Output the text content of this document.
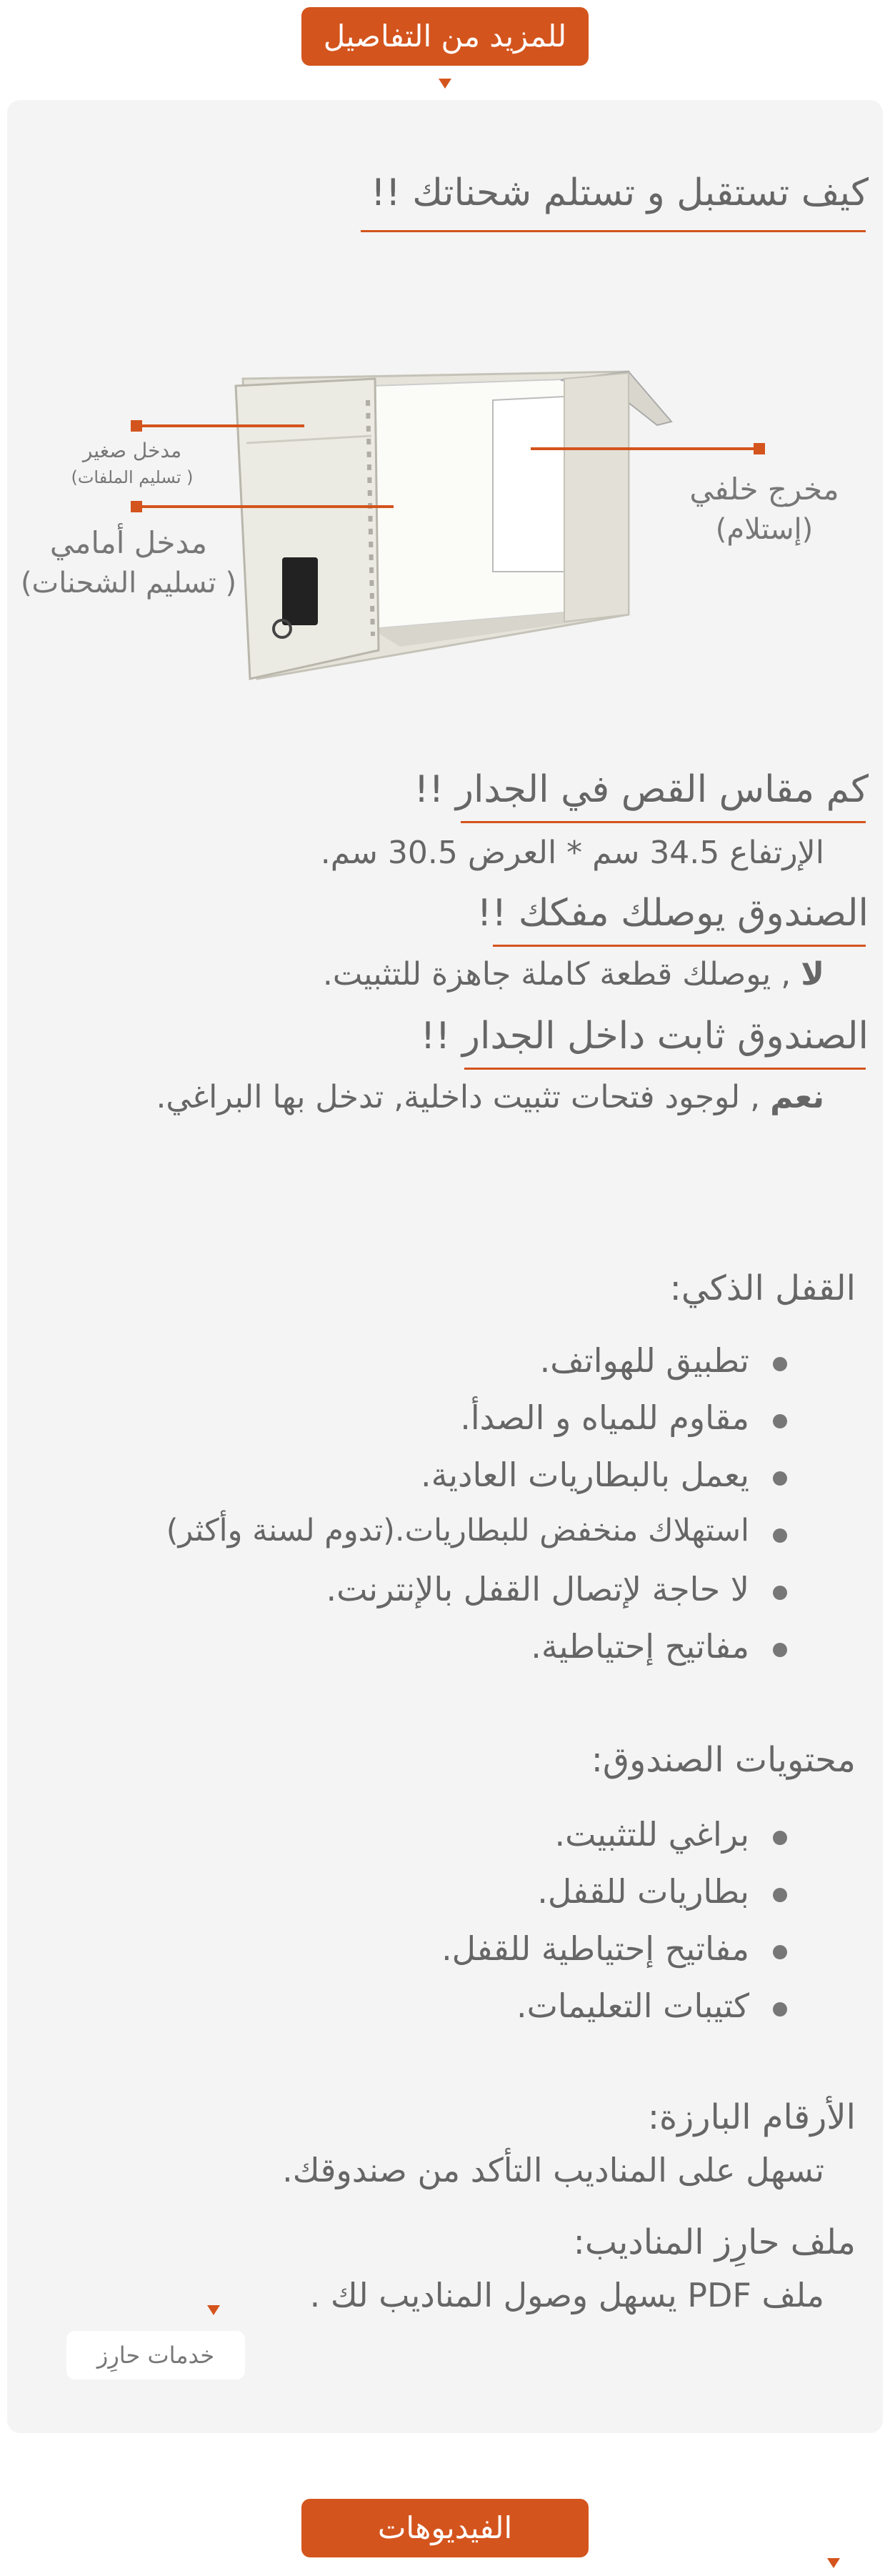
للمزيد من التفاصيل
كيف تستقبل و تستلم شحناتك !!
مدخل صغير
(تسليم الملفات )
مدخل أمامي
(تسليم الشحنات )
مخرج خلفي
(إستلام)
كم مقاس القص في الجدار !!
الإرتفاع 34.5 سم * العرض 30.5 سم.
الصندوق يوصلك مفكك !!
لا , يوصلك قطعة كاملة جاهزة للتثبيت.
الصندوق ثابت داخل الجدار !!
نعم , لوجود فتحات تثبيت داخلية, تدخل بها البراغي.
القفل الذكي:
تطبيق للهواتف.
مقاوم للمياه و الصدأ.
يعمل بالبطاريات العادية.
استهلاك منخفض للبطاريات.(تدوم لسنة وأكثر)
لا حاجة لإتصال القفل بالإنترنت.
مفاتيح إحتياطية.
محتويات الصندوق:
براغي للتثبيت.
بطاريات للقفل.
مفاتيح إحتياطية للقفل.
كتيبات التعليمات.
الأرقام البارزة:
تسهل على المناديب التأكد من صندوقك.
ملف حارِز المناديب:
ملف PDF يسهل وصول المناديب لك .
خدمات حارِز
الفيديوهات
